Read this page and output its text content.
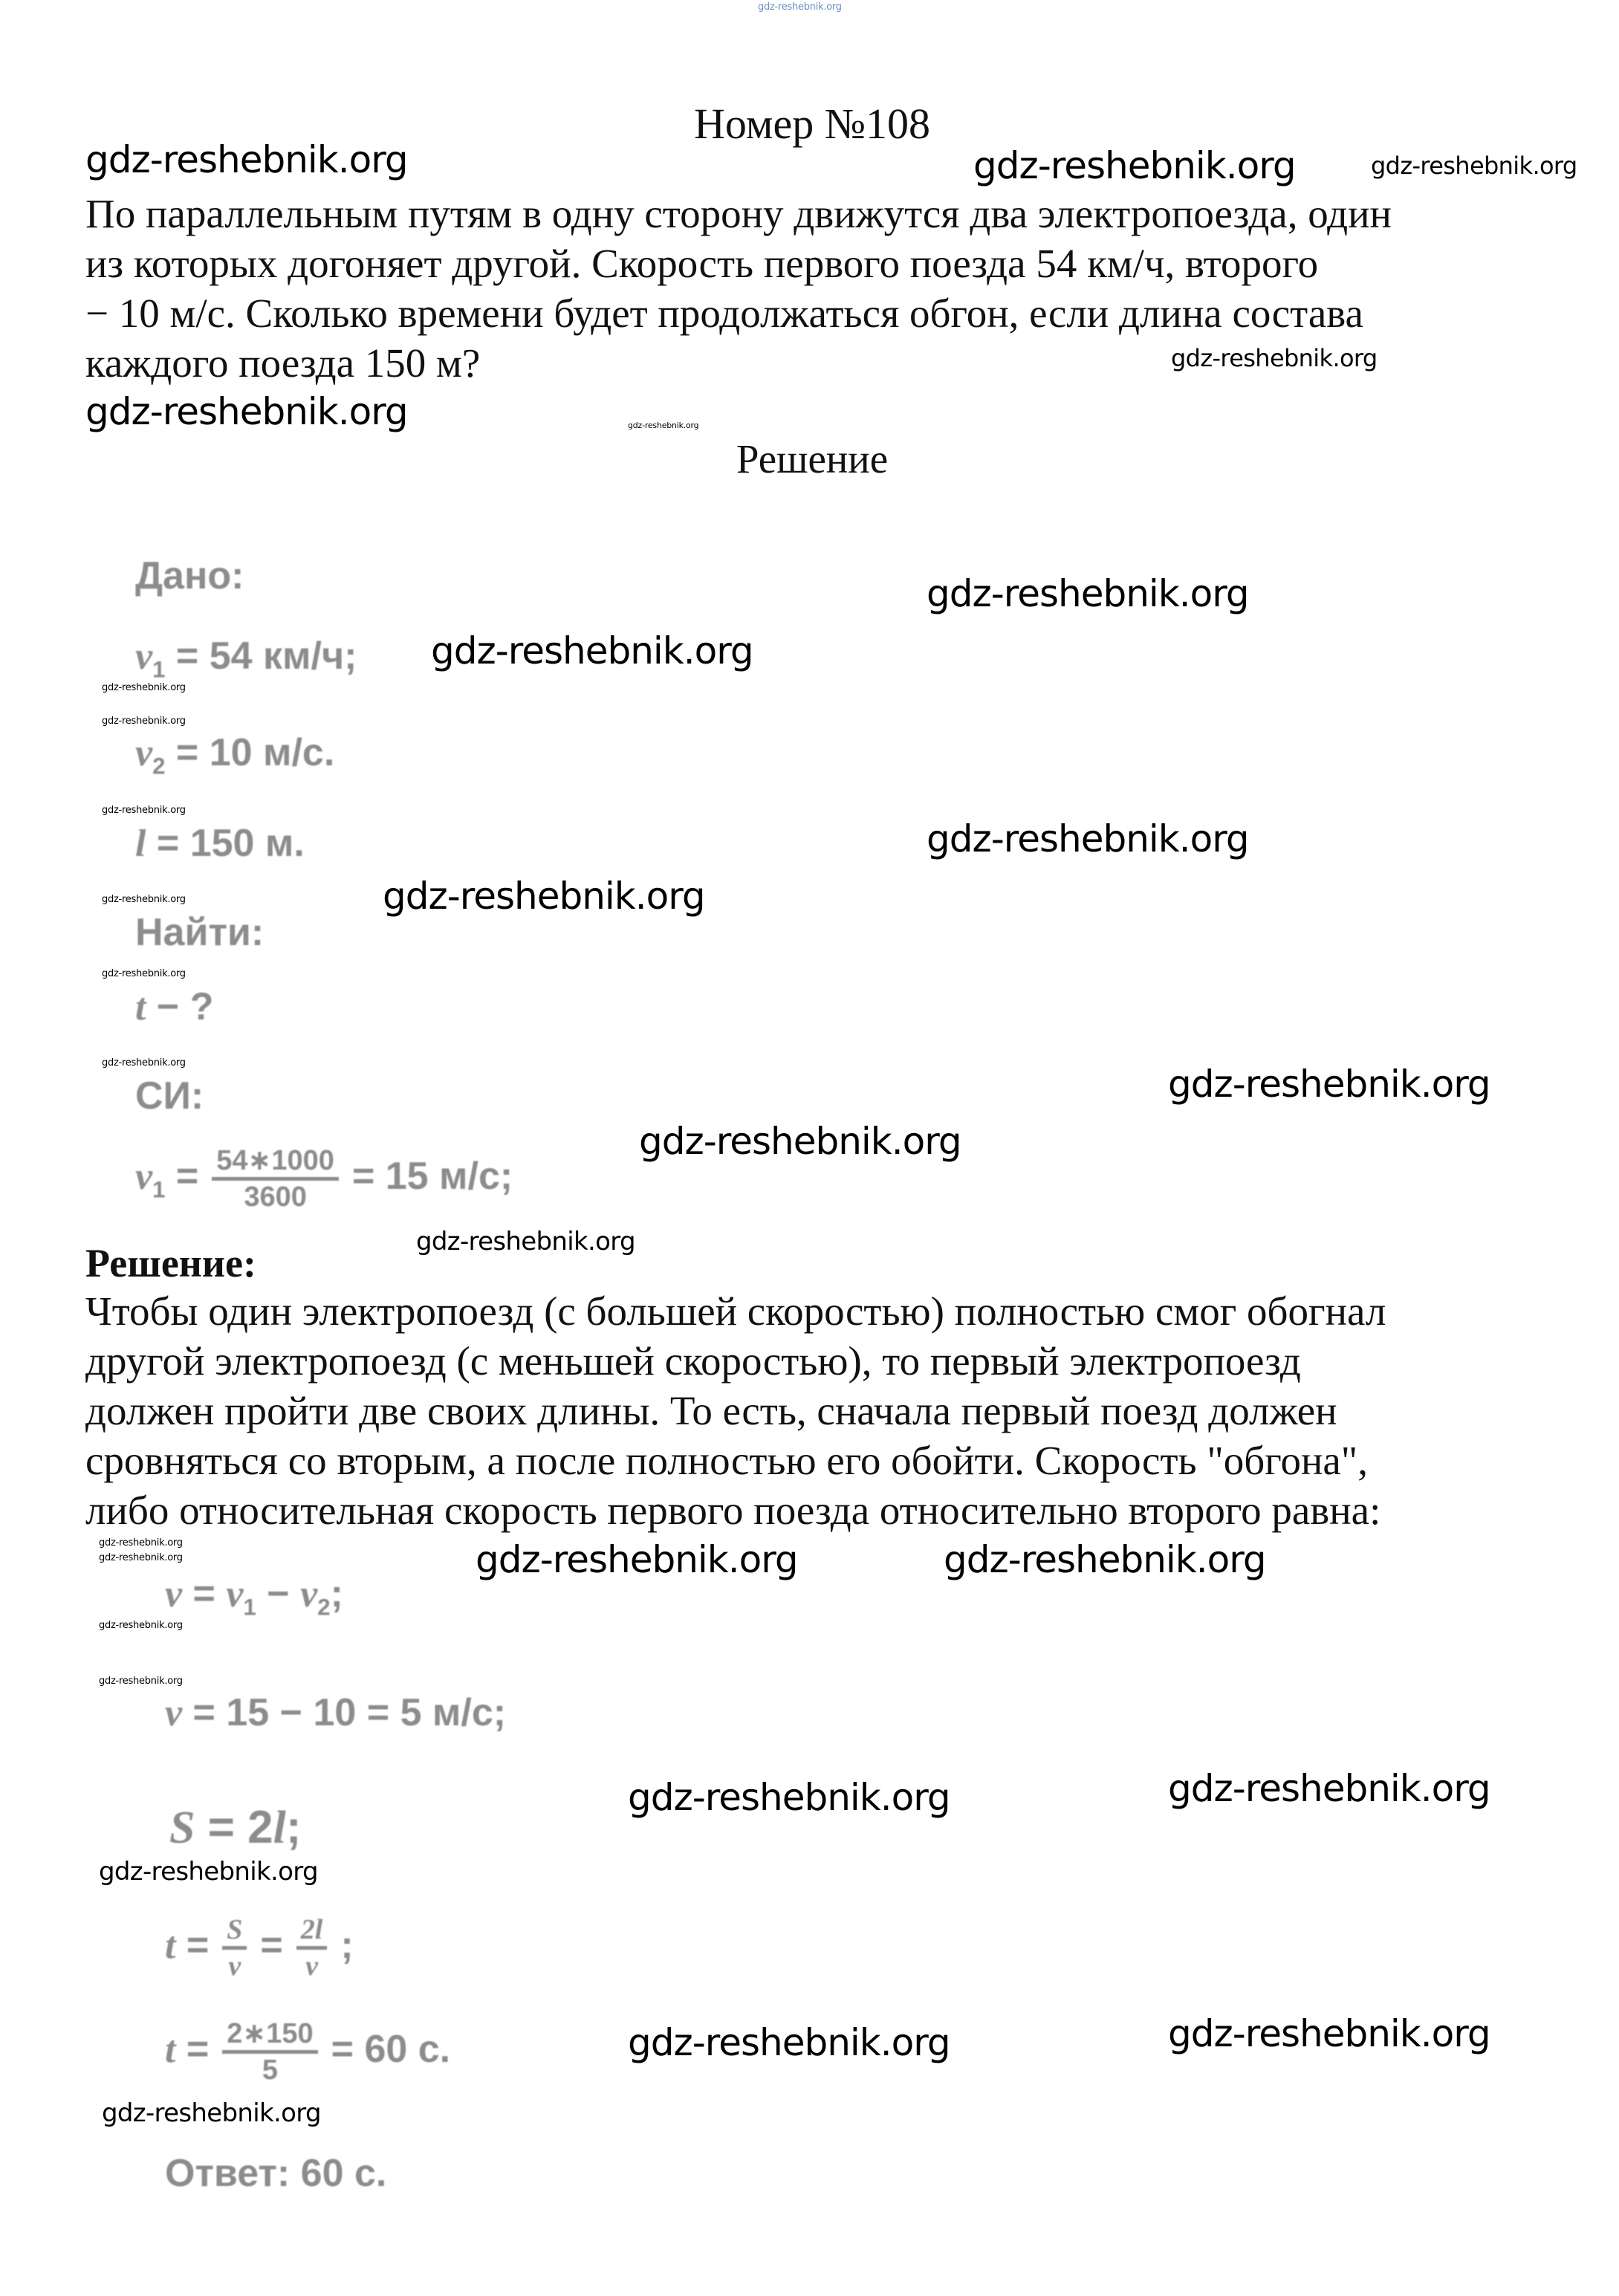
gdz-reshebnik.org
gdz-reshebnik.org	gdz-reshebnik.org	gdz-reshebnik.org
gdz-reshebnik.org
gdz-reshebnik.org	gdz-reshebnik.org
gdz-reshebnik.org
gdz-reshebnik.org
gdz-reshebnik.org
gdz-reshebnik.org
gdz-reshebnik.org
gdz-reshebnik.org
gdz-reshebnik.org
gdz-reshebnik.org
gdz-reshebnik.org
gdz-reshebnik.org	gdz-reshebnik.org
gdz-reshebnik.org
gdz-reshebnik.org
gdz-reshebnik.org
gdz-reshebnik.org	gdz-reshebnik.org	gdz-reshebnik.org
gdz-reshebnik.org
gdz-reshebnik.org
gdz-reshebnik.org	gdz-reshebnik.org
gdz-reshebnik.org	gdz-reshebnik.org
Номер №108
По параллельным путям в одну сторону движутся два электропоезда, один
из которых догоняет другой. Скорость первого поезда 54 км/ч, второго
− 10 м/с. Сколько времени будет продолжаться обгон, если длина состава
каждого поезда 150 м?
Решение
Дано:
$v_1 = 54$ км/ч;
$v_2 = 10$ м/с.
l = 150 м.
Найти:
t − ?
СИ:
$v_1 = \frac{54∗1000}{3600} = 15$ м/с;
Решение:
Чтобы один электропоезд (с большей скоростью) полностью смог обогнал
другой электропоезд (с меньшей скоростью), то первый электропоезд
должен пройти две своих длины. То есть, сначала первый поезд должен
сровняться со вторым, а после полностью его обойти. Скорость "обгона",
либо относительная скорость первого поезда относительно второго равна:
$v = v_1 - v_2$;
v = 15 − 10 = 5 м/с;
S = 2l;
gdz-reshebnik.org
$t = \frac{S}{v} = \frac{2l}{v}$ ;
$t = \frac{2∗150}{5} = 60$ с.
gdz-reshebnik.org
Ответ: 60 с.
